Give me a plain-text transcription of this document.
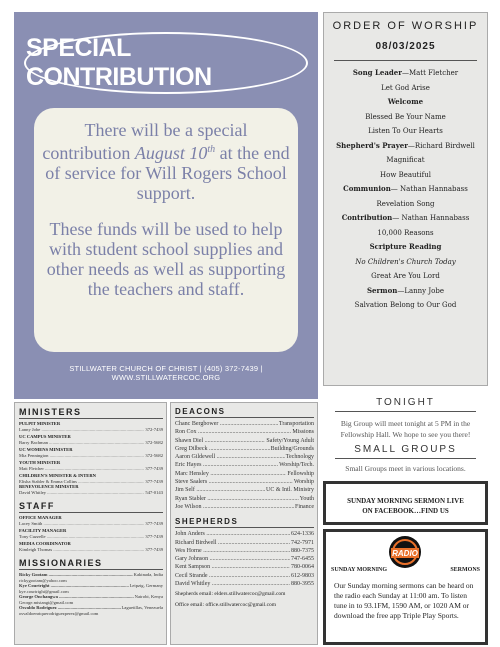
SPECIAL CONTRIBUTION

There will be a special contribution August 10th at the end of service for Will Rogers School support.

These funds will be used to help with student school supplies and other needs as well as supporting the teachers and staff.

STILLWATER CHURCH OF CHRIST | (405) 372-7439 | WWW.STILLWATERCOC.ORG
ORDER OF WORSHIP
08/03/2025
Song Leader—Matt Fletcher
Let God Arise
Welcome
Blessed Be Your Name
Listen To Our Hearts
Shepherd's Prayer—Richard Birdwell
Magnificat
How Beautiful
Communion— Nathan Hannabass
Revelation Song
Contribution— Nathan Hannabass
10,000 Reasons
Scripture Reading
No Children's Church Today
Great Are You Lord
Sermon—Lanny Jobe
Salvation Belong to Our God
TONIGHT
Big Group will meet tonight at 5 PM in the Fellowship Hall. We hope to see you there!
SMALL GROUPS
Small Groups meet in various locations.
SUNDAY MORNING SERMON LIVE
ON FACEBOOK…FIND US
RADIO
SUNDAY MORNING	SERMONS
Our Sunday morning sermons can be heard on the radio each Sunday at 11:00 am. To listen tune in to 93.1FM, 1590 AM, or 1020 AM or download the free app Triple Play Sports.
MINISTERS
PULPIT MINISTER
Lanny Jobe .....	372-7439
UC CAMPUS MINISTER
Barry Bachman .....	372-5682
UC WOMENS MINISTER
Mia Pennington .....	372-5682
YOUTH MINISTER
Matt Fletcher .....	377-7439
CHILDREN'S MINISTER & INTERN
Elisha Stabler & Emma Collins .....	377-7439
BENEVOLENCE MINISTER
David Whitley .....	547-0143
STAFF
OFFICE MANAGER
Lacey Smith .....	377-7439
FACILITY MANAGER
Tony Cuzzelle .....	377-7439
MEDIA COORDINATOR
Kimleigh Thomas .....	377-7439
MISSIONARIES
Ricky Gootam .....	Kakinada, India
rickygootam@yahoo.com
Kye Courtright .....	Leipzig, Germany
kye.courtright@gmail.com
George Onchangwa .....	Nairobi, Kenya
George.mistangi@gmail.com
Osvaldo Rodriguez .....	Laguetillas, Venezuela
osvaldoenriquerodriguezperez@gmail.com
DEACONS
Chanc Bergbower .....	Transportation
Ron Cox .....	Missions
Shawn Diel .....	Safety/Young Adult
Greg Dilbeck .....	Building/Grounds
Aaron Gildewell .....	Technology
Eric Hayes .....	Worship/Tech.
Marc Hensley .....	Fellowship
Steve Saalers .....	Worship
Jim Self .....	UC & Intl. Ministry
Ryan Stabler .....	Youth
Joe Wilson .....	Finance
SHEPHERDS
John Anders .....	624-1336
Richard Birdwell .....	742-7971
Wes Horne .....	880-7375
Gary Johnson .....	747-6455
Kent Sampson .....	780-0064
Cecil Strande .....	612-9803
David Whitley .....	880-3955
Shepherds email: elders.stillwatercoc@gmail.com
Office email: office.stillwatercoc@gmail.com
